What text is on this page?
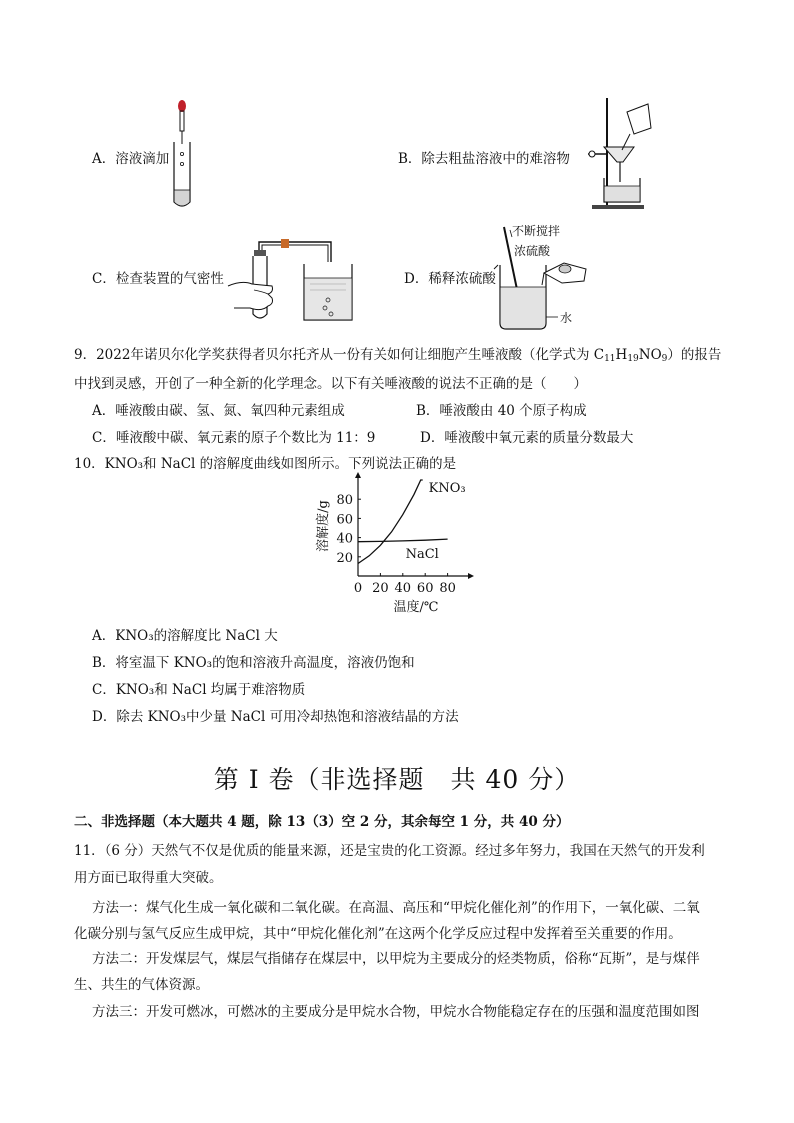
A．溶液滴加	B．除去粗盐溶液中的难溶物
C．检查装置的气密性	D．稀释浓硫酸
不断搅拌
浓硫酸
水
9．2022年诺贝尔化学奖获得者贝尔托齐从一份有关如何让细胞产生唾液酸（化学式为 $C_{11}H_{19}NO_9$）的报告
中找到灵感，开创了一种全新的化学理念。以下有关唾液酸的说法不正确的是（　　）
A．唾液酸由碳、氢、氮、氧四种元素组成	B．唾液酸由 40 个原子构成
C．唾液酸中碳、氧元素的原子个数比为 11：9	D．唾液酸中氧元素的质量分数最大
10．KNO₃和 NaCl 的溶解度曲线如图所示。下列说法正确的是
0 20 40 60 80
20
40
60
80
温度/℃
溶解度/g
KNO₃
NaCl
A．KNO₃的溶解度比 NaCl 大
B．将室温下 KNO₃的饱和溶液升高温度，溶液仍饱和
C．KNO₃和 NaCl 均属于难溶物质
D．除去 KNO₃中少量 NaCl 可用冷却热饱和溶液结晶的方法
第 I 卷（非选择题　共 40 分）
二、非选择题（本大题共 4 题，除 13（3）空 2 分，其余每空 1 分，共 40 分）
11．（6 分）天然气不仅是优质的能量来源，还是宝贵的化工资源。经过多年努力，我国在天然气的开发利
用方面已取得重大突破。
方法一：煤气化生成一氧化碳和二氧化碳。在高温、高压和“甲烷化催化剂”的作用下，一氧化碳、二氧
化碳分别与氢气反应生成甲烷，其中“甲烷化催化剂”在这两个化学反应过程中发挥着至关重要的作用。
方法二：开发煤层气，煤层气指储存在煤层中，以甲烷为主要成分的烃类物质，俗称“瓦斯”，是与煤伴
生、共生的气体资源。
方法三：开发可燃冰，可燃冰的主要成分是甲烷水合物，甲烷水合物能稳定存在的压强和温度范围如图
